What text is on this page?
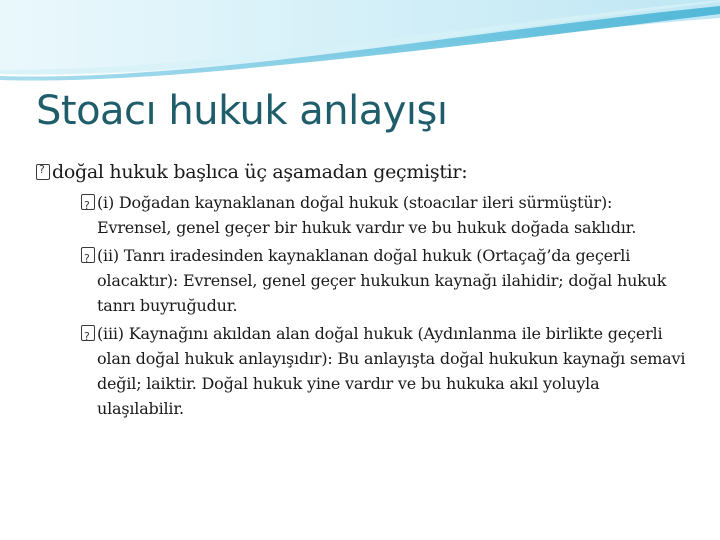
Stoacı hukuk anlayışı
?
doğal hukuk başlıca üç aşamadan geçmiştir:
?
(i) Doğadan kaynaklanan doğal hukuk (stoacılar ileri sürmüştür): Evrensel, genel geçer bir hukuk vardır ve bu hukuk doğada saklıdır.
?
(ii) Tanrı iradesinden kaynaklanan doğal hukuk (Ortaçağ’da geçerli olacaktır): Evrensel, genel geçer hukukun kaynağı ilahidir; doğal hukuk tanrı buyruğudur.
?
(iii) Kaynağını akıldan alan doğal hukuk (Aydınlanma ile birlikte geçerli olan doğal hukuk anlayışıdır): Bu anlayışta doğal hukukun kaynağı semavi değil; laiktir. Doğal hukuk yine vardır ve bu hukuka akıl yoluyla ulaşılabilir.
